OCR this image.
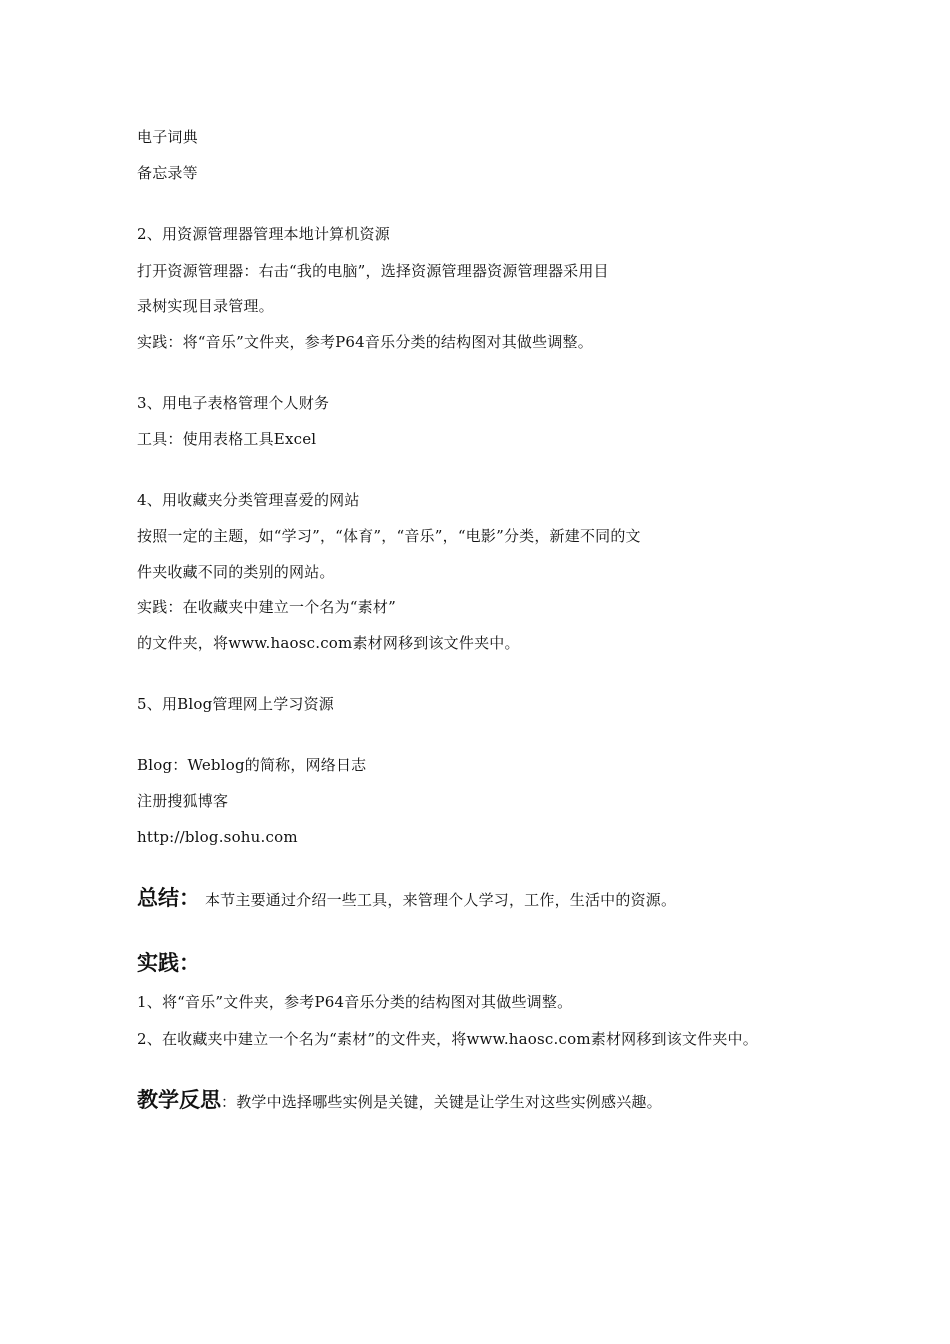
电子词典
备忘录等
2、用资源管理器管理本地计算机资源
打开资源管理器：右击“我的电脑”，选择资源管理器资源管理器采用目
录树实现目录管理。
实践：将“音乐”文件夹，参考P64音乐分类的结构图对其做些调整。
3、用电子表格管理个人财务
工具：使用表格工具Excel
4、用收藏夹分类管理喜爱的网站
按照一定的主题，如“学习”，“体育”，“音乐”，“电影”分类，新建不同的文
件夹收藏不同的类别的网站。
实践：在收藏夹中建立一个名为“素材”
的文件夹，将www.haosc.com素材网移到该文件夹中。
5、用Blog管理网上学习资源
Blog：Weblog的简称，网络日志
注册搜狐博客
http://blog.sohu.com
总结： 本节主要通过介绍一些工具，来管理个人学习，工作，生活中的资源。
实践：
1、将“音乐”文件夹，参考P64音乐分类的结构图对其做些调整。
2、在收藏夹中建立一个名为“素材”的文件夹，将www.haosc.com素材网移到该文件夹中。
教学反思：教学中选择哪些实例是关键，关键是让学生对这些实例感兴趣。
